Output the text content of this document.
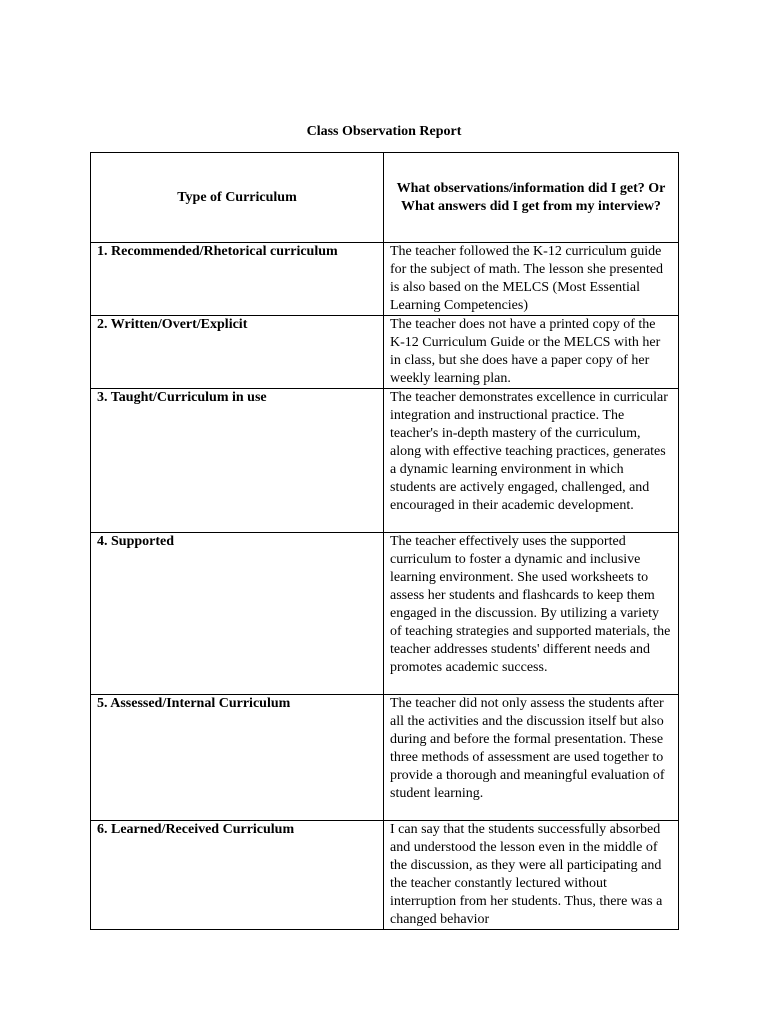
Class Observation Report
Type of Curriculum	What observations/information did I get? Or What answers did I get from my interview?
1. Recommended/Rhetorical curriculum	The teacher followed the K-12 curriculum guide for the subject of math. The lesson she presented is also based on the MELCS (Most Essential Learning Competencies)
2. Written/Overt/Explicit	The teacher does not have a printed copy of the K-12 Curriculum Guide or the MELCS with her in class, but she does have a paper copy of her weekly learning plan.
3. Taught/Curriculum in use	The teacher demonstrates excellence in curricular integration and instructional practice. The teacher's in-depth mastery of the curriculum, along with effective teaching practices, generates a dynamic learning environment in which students are actively engaged, challenged, and encouraged in their academic development.
4. Supported	The teacher effectively uses the supported curriculum to foster a dynamic and inclusive learning environment. She used worksheets to assess her students and flashcards to keep them engaged in the discussion. By utilizing a variety of teaching strategies and supported materials, the teacher addresses students' different needs and promotes academic success.
5. Assessed/Internal Curriculum	The teacher did not only assess the students after all the activities and the discussion itself but also during and before the formal presentation. These three methods of assessment are used together to provide a thorough and meaningful evaluation of student learning.
6. Learned/Received Curriculum	I can say that the students successfully absorbed and understood the lesson even in the middle of the discussion, as they were all participating and the teacher constantly lectured without interruption from her students. Thus, there was a changed behavior
